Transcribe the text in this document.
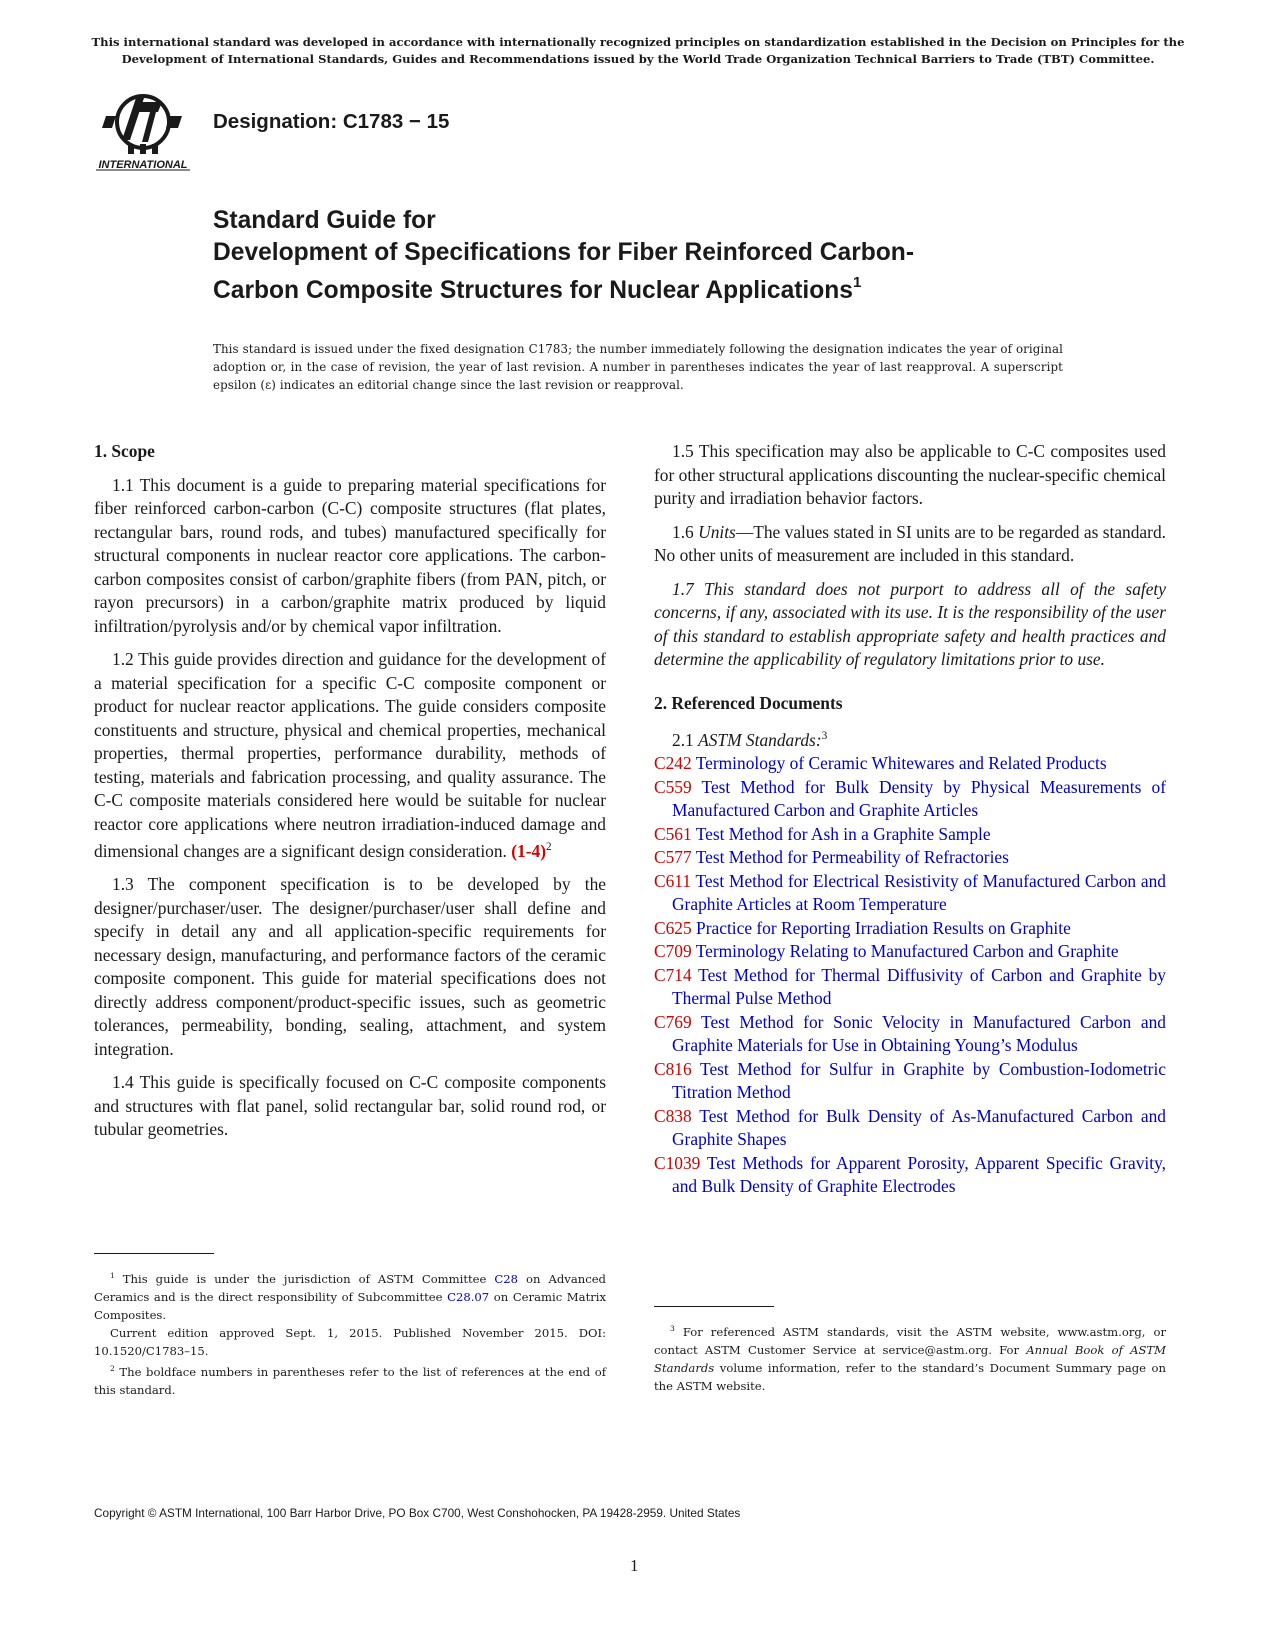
This international standard was developed in accordance with internationally recognized principles on standardization established in the Decision on Principles for the Development of International Standards, Guides and Recommendations issued by the World Trade Organization Technical Barriers to Trade (TBT) Committee.
INTERNATIONAL
Designation: C1783 − 15
Standard Guide for
Development of Specifications for Fiber Reinforced Carbon-
Carbon Composite Structures for Nuclear Applications$^1$
This standard is issued under the fixed designation C1783; the number immediately following the designation indicates the year of original adoption or, in the case of revision, the year of last revision. A number in parentheses indicates the year of last reapproval. A superscript epsilon (ε) indicates an editorial change since the last revision or reapproval.
1. Scope

1.1 This document is a guide to preparing material specifications for fiber reinforced carbon-carbon (C-C) composite structures (flat plates, rectangular bars, round rods, and tubes) manufactured specifically for structural components in nuclear reactor core applications. The carbon-carbon composites consist of carbon/graphite fibers (from PAN, pitch, or rayon precursors) in a carbon/graphite matrix produced by liquid infiltration/pyrolysis and/or by chemical vapor infiltration.

1.2 This guide provides direction and guidance for the development of a material specification for a specific C-C composite component or product for nuclear reactor applications. The guide considers composite constituents and structure, physical and chemical properties, mechanical properties, thermal properties, performance durability, methods of testing, materials and fabrication processing, and quality assurance. The C-C composite materials considered here would be suitable for nuclear reactor core applications where neutron irradiation-induced damage and dimensional changes are a significant design consideration. $(1-4)^2$

1.3 The component specification is to be developed by the designer/purchaser/user. The designer/purchaser/user shall define and specify in detail any and all application-specific requirements for necessary design, manufacturing, and performance factors of the ceramic composite component. This guide for material specifications does not directly address component/product-specific issues, such as geometric tolerances, permeability, bonding, sealing, attachment, and system integration.

1.4 This guide is specifically focused on C-C composite components and structures with flat panel, solid rectangular bar, solid round rod, or tubular geometries.

1.5 This specification may also be applicable to C-C composites used for other structural applications discounting the nuclear-specific chemical purity and irradiation behavior factors.

1.6 Units—The values stated in SI units are to be regarded as standard. No other units of measurement are included in this standard.

1.7 This standard does not purport to address all of the safety concerns, if any, associated with its use. It is the responsibility of the user of this standard to establish appropriate safety and health practices and determine the applicability of regulatory limitations prior to use.

2. Referenced Documents

2.1 ASTM Standards:$^3$

C242 Terminology of Ceramic Whitewares and Related Products
C559 Test Method for Bulk Density by Physical Measurements of Manufactured Carbon and Graphite Articles
C561 Test Method for Ash in a Graphite Sample
C577 Test Method for Permeability of Refractories
C611 Test Method for Electrical Resistivity of Manufactured Carbon and Graphite Articles at Room Temperature
C625 Practice for Reporting Irradiation Results on Graphite
C709 Terminology Relating to Manufactured Carbon and Graphite
C714 Test Method for Thermal Diffusivity of Carbon and Graphite by Thermal Pulse Method
C769 Test Method for Sonic Velocity in Manufactured Carbon and Graphite Materials for Use in Obtaining Young’s Modulus
C816 Test Method for Sulfur in Graphite by Combustion-Iodometric Titration Method
C838 Test Method for Bulk Density of As-Manufactured Carbon and Graphite Shapes
C1039 Test Methods for Apparent Porosity, Apparent Specific Gravity, and Bulk Density of Graphite Electrodes

$^1$ This guide is under the jurisdiction of ASTM Committee C28 on Advanced Ceramics and is the direct responsibility of Subcommittee C28.07 on Ceramic Matrix Composites.

Current edition approved Sept. 1, 2015. Published November 2015. DOI: 10.1520/C1783–15.

$^2$ The boldface numbers in parentheses refer to the list of references at the end of this standard.

$^3$ For referenced ASTM standards, visit the ASTM website, www.astm.org, or contact ASTM Customer Service at service@astm.org. For Annual Book of ASTM Standards volume information, refer to the standard’s Document Summary page on the ASTM website.

Copyright © ASTM International, 100 Barr Harbor Drive, PO Box C700, West Conshohocken, PA 19428-2959. United States
1
